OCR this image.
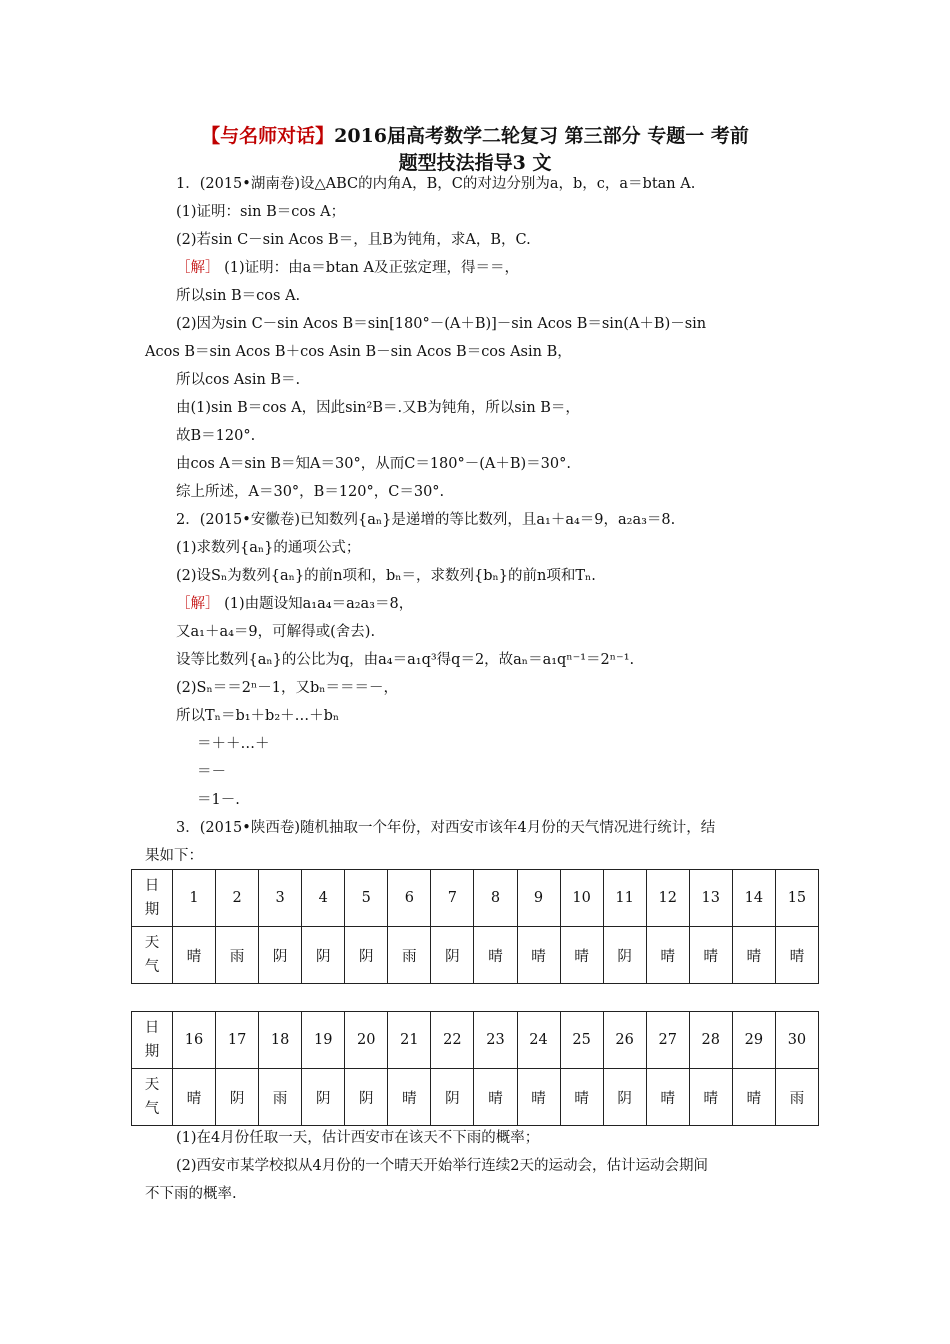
【与名师对话】2016届高考数学二轮复习 第三部分 专题一 考前
题型技法指导3 文
1．(2015•湖南卷)设△ABC的内角A，B，C的对边分别为a，b，c，a＝btan A.
(1)证明：sin B＝cos A；
(2)若sin C－sin Acos B＝，且B为钝角，求A，B，C.
［解］ (1)证明：由a＝btan A及正弦定理，得＝＝，
所以sin B＝cos A.
(2)因为sin C－sin Acos B＝sin[180°－(A＋B)]－sin Acos B＝sin(A＋B)－sin
Acos B＝sin Acos B＋cos Asin B－sin Acos B＝cos Asin B，
所以cos Asin B＝.
由(1)sin B＝cos A，因此sin²B＝.又B为钝角，所以sin B＝，
故B＝120°.
由cos A＝sin B＝知A＝30°，从而C＝180°－(A＋B)＝30°.
综上所述，A＝30°，B＝120°，C＝30°.
2．(2015•安徽卷)已知数列{aₙ}是递增的等比数列，且a₁＋a₄＝9，a₂a₃＝8.
(1)求数列{aₙ}的通项公式；
(2)设Sₙ为数列{aₙ}的前n项和，bₙ＝，求数列{bₙ}的前n项和Tₙ.
［解］ (1)由题设知a₁a₄＝a₂a₃＝8，
又a₁＋a₄＝9，可解得或(舍去).
设等比数列{aₙ}的公比为q，由a₄＝a₁q³得q＝2，故aₙ＝a₁qⁿ⁻¹＝2ⁿ⁻¹.
(2)Sₙ＝＝2ⁿ－1，又bₙ＝＝＝－，
所以Tₙ＝b₁＋b₂＋…＋bₙ
＝＋＋…＋
＝－
＝1－.
3．(2015•陕西卷)随机抽取一个年份，对西安市该年4月份的天气情况进行统计，结
果如下：
日
期	1	2	3	4	5	6	7	8	9	10	11	12	13	14	15
天
气	晴	雨	阴	阴	阴	雨	阴	晴	晴	晴	阴	晴	晴	晴	晴
日
期	16	17	18	19	20	21	22	23	24	25	26	27	28	29	30
天
气	晴	阴	雨	阴	阴	晴	阴	晴	晴	晴	阴	晴	晴	晴	雨
(1)在4月份任取一天，估计西安市在该天不下雨的概率；
(2)西安市某学校拟从4月份的一个晴天开始举行连续2天的运动会，估计运动会期间
不下雨的概率.
